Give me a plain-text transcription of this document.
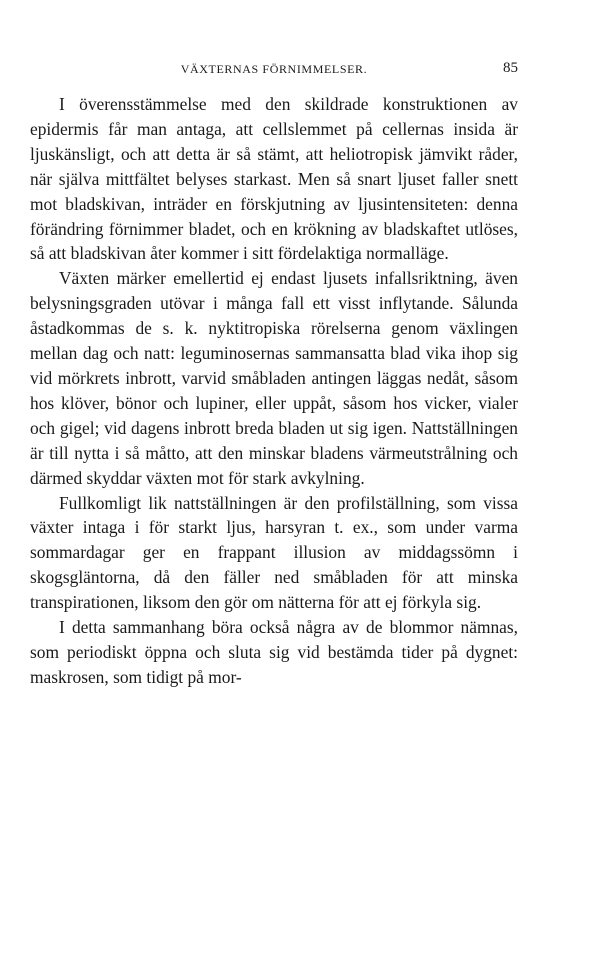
VÄXTERNAS FÖRNIMMELSER.	85

I överensstämmelse med den skildrade konstruktionen av epidermis får man antaga, att cellslemmet på cellernas insida är ljuskänsligt, och att detta är så stämt, att heliotropisk jämvikt råder, när själva mittfältet belyses starkast. Men så snart ljuset faller snett mot bladskivan, inträder en förskjutning av ljusintensiteten: denna förändring förnimmer bladet, och en krökning av bladskaftet utlöses, så att bladskivan åter kommer i sitt fördelaktiga normalläge.

Växten märker emellertid ej endast ljusets infallsriktning, även belysningsgraden utövar i många fall ett visst inflytande. Sålunda åstadkommas de s. k. nyktitropiska rörelserna genom växlingen mellan dag och natt: leguminosernas sammansatta blad vika ihop sig vid mörkrets inbrott, varvid småbladen antingen läggas nedåt, såsom hos klöver, bönor och lupiner, eller uppåt, såsom hos vicker, vialer och gigel; vid dagens inbrott breda bladen ut sig igen. Nattställningen är till nytta i så måtto, att den minskar bladens värmeutstrålning och därmed skyddar växten mot för stark avkylning.

Fullkomligt lik nattställningen är den profilställning, som vissa växter intaga i för starkt ljus, harsyran t. ex., som under varma sommardagar ger en frappant illusion av middagssömn i skogsgläntorna, då den fäller ned småbladen för att minska transpirationen, liksom den gör om nätterna för att ej förkyla sig.

I detta sammanhang böra också några av de blommor nämnas, som periodiskt öppna och sluta sig vid bestämda tider på dygnet: maskrosen, som tidigt på mor-
